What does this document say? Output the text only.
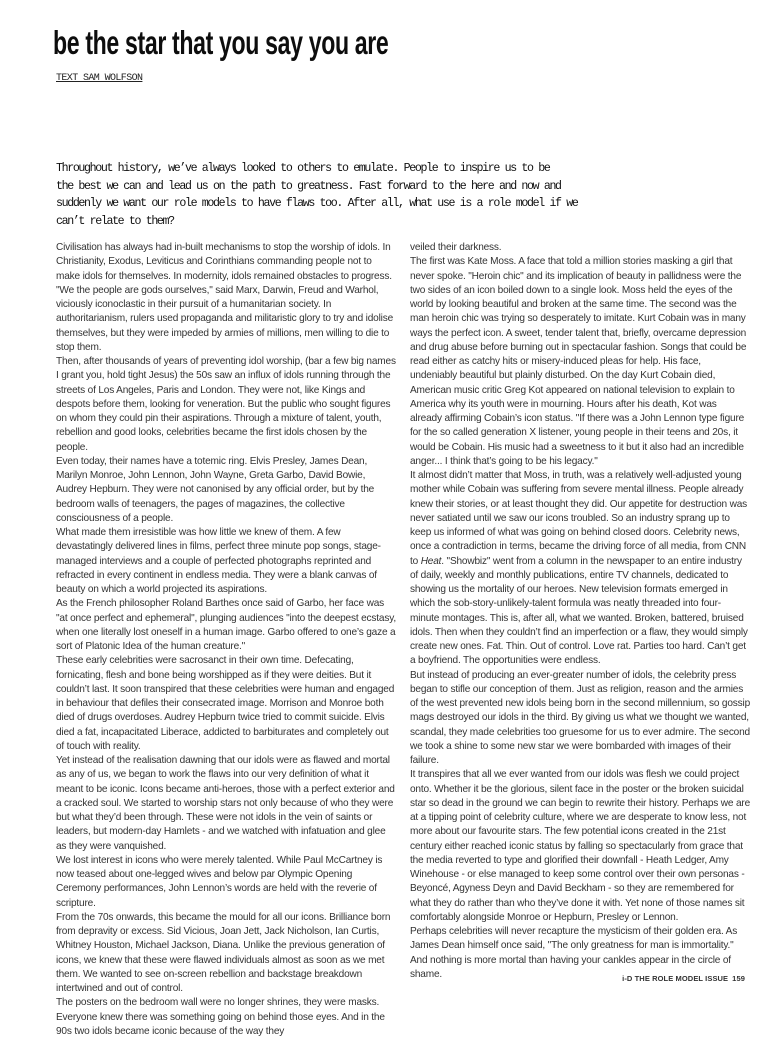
be the star that you say you are
TEXT SAM WOLFSON
Throughout history, we’ve always looked to others to emulate. People to inspire us to be
the best we can and lead us on the path to greatness. Fast forward to the here and now and
suddenly we want our role models to have flaws too. After all, what use is a role model if we
can’t relate to them?

Civilisation has always had in-built mechanisms to stop the worship of idols. In Christianity, Exodus, Leviticus and Corinthians commanding people not to make idols for themselves. In modernity, idols remained obstacles to progress. "We the people are gods ourselves," said Marx, Darwin, Freud and Warhol, viciously iconoclastic in their pursuit of a humanitarian society. In authoritarianism, rulers used propaganda and militaristic glory to try and idolise themselves, but they were impeded by armies of millions, men willing to die to stop them.

Then, after thousands of years of preventing idol worship, (bar a few big names I grant you, hold tight Jesus) the 50s saw an influx of idols running through the streets of Los Angeles, Paris and London. They were not, like Kings and despots before them, looking for veneration. But the public who sought figures on whom they could pin their aspirations. Through a mixture of talent, youth, rebellion and good looks, celebrities became the first idols chosen by the people.

Even today, their names have a totemic ring. Elvis Presley, James Dean, Marilyn Monroe, John Lennon, John Wayne, Greta Garbo, David Bowie, Audrey Hepburn. They were not canonised by any official order, but by the bedroom walls of teenagers, the pages of magazines, the collective consciousness of a people.

What made them irresistible was how little we knew of them. A few devastatingly delivered lines in films, perfect three minute pop songs, stage-managed interviews and a couple of perfected photographs reprinted and refracted in every continent in endless media. They were a blank canvas of beauty on which a world projected its aspirations.

As the French philosopher Roland Barthes once said of Garbo, her face was "at once perfect and ephemeral", plunging audiences "into the deepest ecstasy, when one literally lost oneself in a human image. Garbo offered to one’s gaze a sort of Platonic Idea of the human creature."

These early celebrities were sacrosanct in their own time. Defecating, fornicating, flesh and bone being worshipped as if they were deities. But it couldn’t last. It soon transpired that these celebrities were human and engaged in behaviour that defiles their consecrated image. Morrison and Monroe both died of drugs overdoses. Audrey Hepburn twice tried to commit suicide. Elvis died a fat, incapacitated Liberace, addicted to barbiturates and completely out of touch with reality.

Yet instead of the realisation dawning that our idols were as flawed and mortal as any of us, we began to work the flaws into our very definition of what it meant to be iconic. Icons became anti-heroes, those with a perfect exterior and a cracked soul. We started to worship stars not only because of who they were but what they’d been through. These were not idols in the vein of saints or leaders, but modern-day Hamlets - and we watched with infatuation and glee as they were vanquished.

We lost interest in icons who were merely talented. While Paul McCartney is now teased about one-legged wives and below par Olympic Opening Ceremony performances, John Lennon’s words are held with the reverie of scripture.

From the 70s onwards, this became the mould for all our icons. Brilliance born from depravity or excess. Sid Vicious, Joan Jett, Jack Nicholson, Ian Curtis, Whitney Houston, Michael Jackson, Diana. Unlike the previous generation of icons, we knew that these were flawed individuals almost as soon as we met them. We wanted to see on-screen rebellion and backstage breakdown intertwined and out of control.

The posters on the bedroom wall were no longer shrines, they were masks. Everyone knew there was something going on behind those eyes. And in the 90s two idols became iconic because of the way they

veiled their darkness.

The first was Kate Moss. A face that told a million stories masking a girl that never spoke. "Heroin chic" and its implication of beauty in pallidness were the two sides of an icon boiled down to a single look. Moss held the eyes of the world by looking beautiful and broken at the same time. The second was the man heroin chic was trying so desperately to imitate. Kurt Cobain was in many ways the perfect icon. A sweet, tender talent that, briefly, overcame depression and drug abuse before burning out in spectacular fashion. Songs that could be read either as catchy hits or misery-induced pleas for help. His face, undeniably beautiful but plainly disturbed. On the day Kurt Cobain died, American music critic Greg Kot appeared on national television to explain to America why its youth were in mourning. Hours after his death, Kot was already affirming Cobain’s icon status. "If there was a John Lennon type figure for the so called generation X listener, young people in their teens and 20s, it would be Cobain. His music had a sweetness to it but it also had an incredible anger... I think that’s going to be his legacy."

It almost didn’t matter that Moss, in truth, was a relatively well-adjusted young mother while Cobain was suffering from severe mental illness. People already knew their stories, or at least thought they did. Our appetite for destruction was never satiated until we saw our icons troubled. So an industry sprang up to keep us informed of what was going on behind closed doors. Celebrity news, once a contradiction in terms, became the driving force of all media, from CNN to Heat. "Showbiz" went from a column in the newspaper to an entire industry of daily, weekly and monthly publications, entire TV channels, dedicated to showing us the mortality of our heroes. New television formats emerged in which the sob-story-unlikely-talent formula was neatly threaded into four-minute montages. This is, after all, what we wanted. Broken, battered, bruised idols. Then when they couldn’t find an imperfection or a flaw, they would simply create new ones. Fat. Thin. Out of control. Love rat. Parties too hard. Can’t get a boyfriend. The opportunities were endless.

But instead of producing an ever-greater number of idols, the celebrity press began to stifle our conception of them. Just as religion, reason and the armies of the west prevented new idols being born in the second millennium, so gossip mags destroyed our idols in the third. By giving us what we thought we wanted, scandal, they made celebrities too gruesome for us to ever admire. The second we took a shine to some new star we were bombarded with images of their failure.

It transpires that all we ever wanted from our idols was flesh we could project onto. Whether it be the glorious, silent face in the poster or the broken suicidal star so dead in the ground we can begin to rewrite their history. Perhaps we are at a tipping point of celebrity culture, where we are desperate to know less, not more about our favourite stars. The few potential icons created in the 21st century either reached iconic status by falling so spectacularly from grace that the media reverted to type and glorified their downfall - Heath Ledger, Amy Winehouse - or else managed to keep some control over their own personas - Beyoncé, Agyness Deyn and David Beckham - so they are remembered for what they do rather than who they’ve done it with. Yet none of those names sit comfortably alongside Monroe or Hepburn, Presley or Lennon.

Perhaps celebrities will never recapture the mysticism of their golden era. As James Dean himself once said, "The only greatness for man is immortality." And nothing is more mortal than having your cankles appear in the circle of shame.	i-D THE ROLE MODEL ISSUE 159
